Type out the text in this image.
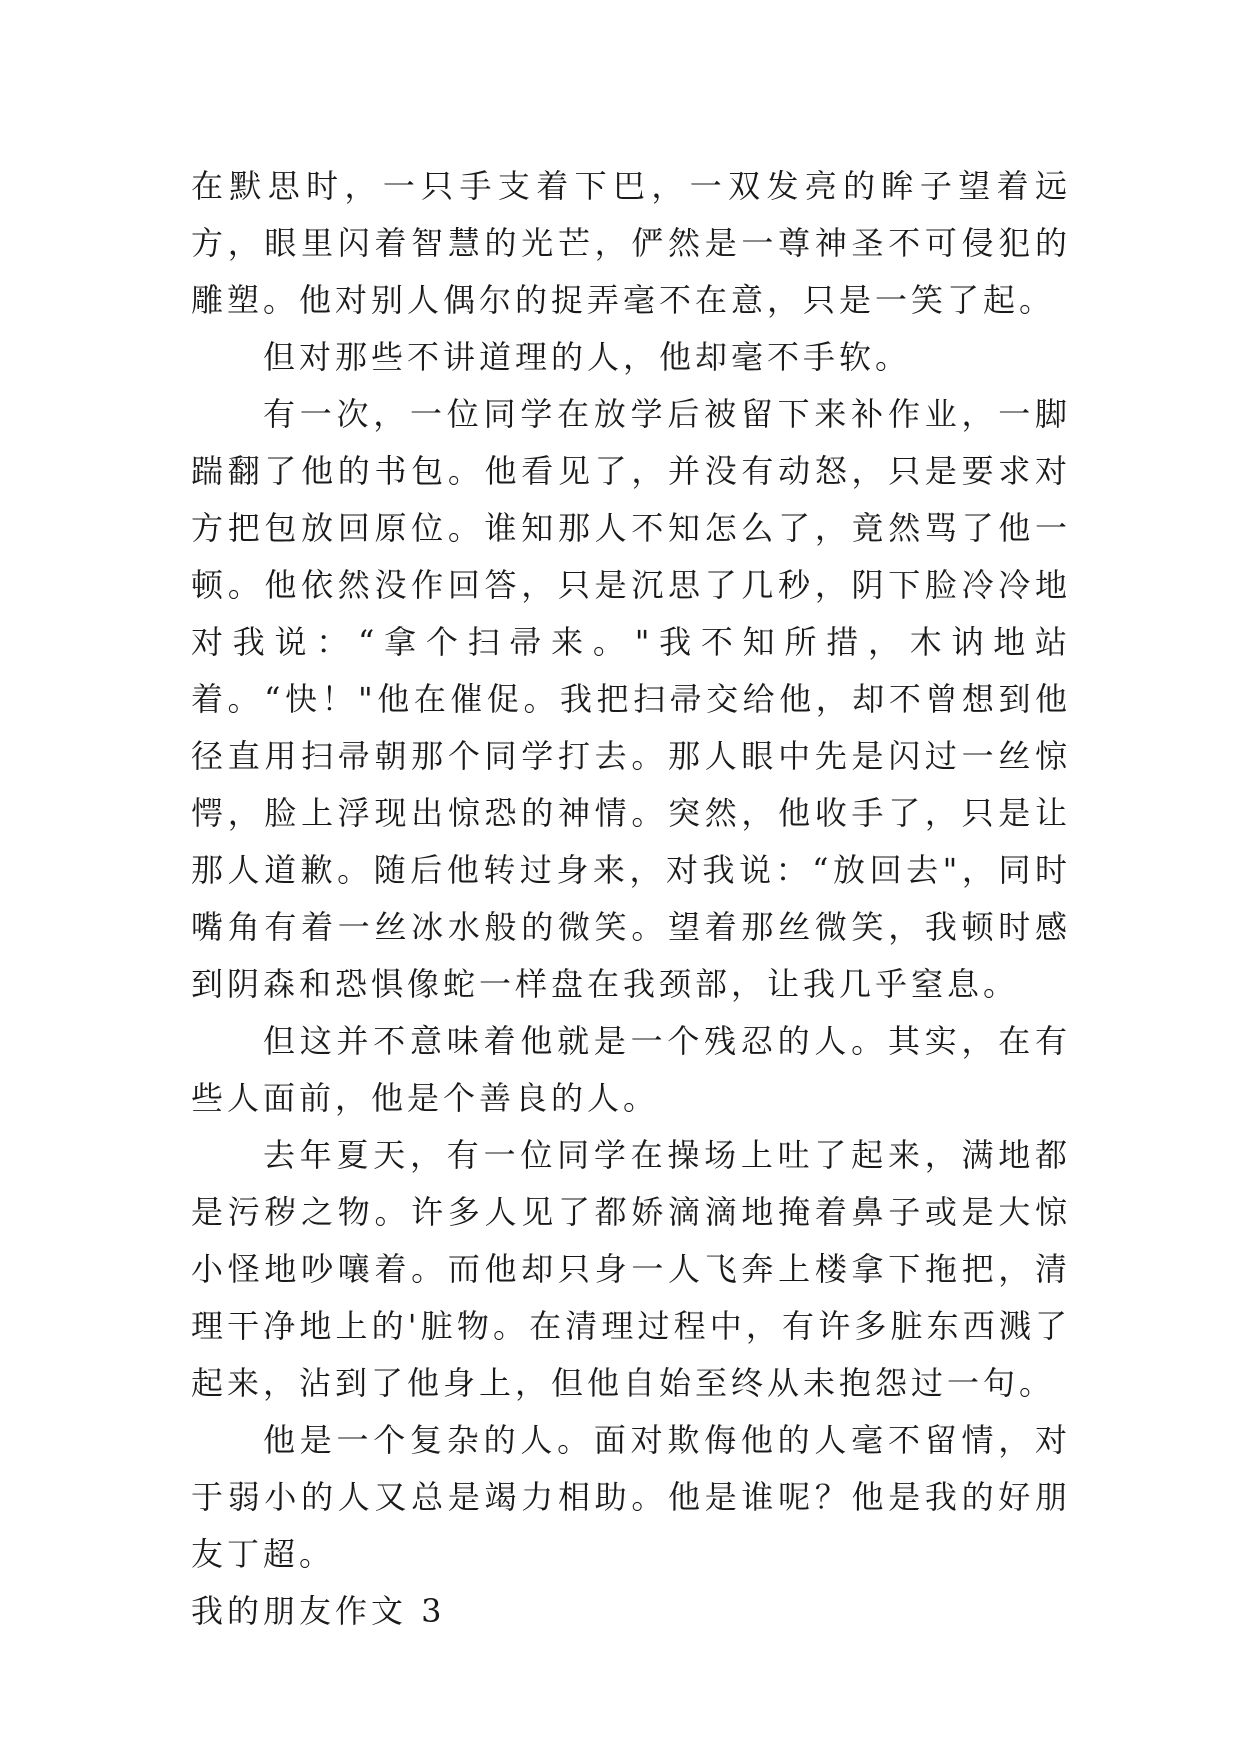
在默思时，一只手支着下巴，一双发亮的眸子望着远方，眼里闪着智慧的光芒，俨然是一尊神圣不可侵犯的雕塑。他对别人偶尔的捉弄毫不在意，只是一笑了起。

但对那些不讲道理的人，他却毫不手软。

有一次，一位同学在放学后被留下来补作业，一脚踹翻了他的书包。他看见了，并没有动怒，只是要求对方把包放回原位。谁知那人不知怎么了，竟然骂了他一顿。他依然没作回答，只是沉思了几秒，阴下脸冷冷地对我说：“拿个扫帚来。"我不知所措，木讷地站着。“快！"他在催促。我把扫帚交给他，却不曾想到他径直用扫帚朝那个同学打去。那人眼中先是闪过一丝惊愕，脸上浮现出惊恐的神情。突然，他收手了，只是让那人道歉。随后他转过身来，对我说：“放回去"，同时嘴角有着一丝冰水般的微笑。望着那丝微笑，我顿时感到阴森和恐惧像蛇一样盘在我颈部，让我几乎窒息。

但这并不意味着他就是一个残忍的人。其实，在有些人面前，他是个善良的人。

去年夏天，有一位同学在操场上吐了起来，满地都是污秽之物。许多人见了都娇滴滴地掩着鼻子或是大惊小怪地吵嚷着。而他却只身一人飞奔上楼拿下拖把，清理干净地上的'脏物。在清理过程中，有许多脏东西溅了起来，沾到了他身上，但他自始至终从未抱怨过一句。

他是一个复杂的人。面对欺侮他的人毫不留情，对于弱小的人又总是竭力相助。他是谁呢？他是我的好朋友丁超。

我的朋友作文 3
